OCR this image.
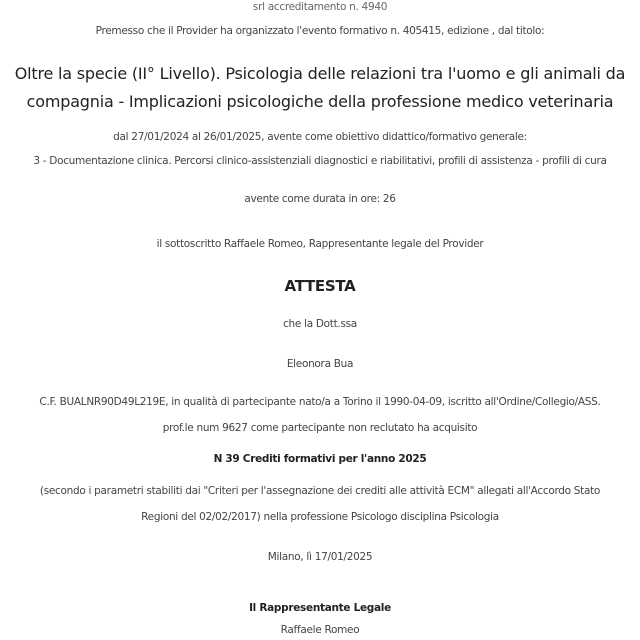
srl accreditamento n. 4940
Premesso che il Provider ha organizzato l'evento formativo n. 405415, edizione , dal titolo:
Oltre la specie (II° Livello). Psicologia delle relazioni tra l'uomo e gli animali da
compagnia - Implicazioni psicologiche della professione medico veterinaria
dal 27/01/2024 al 26/01/2025, avente come obiettivo didattico/formativo generale:
3 - Documentazione clinica. Percorsi clinico-assistenziali diagnostici e riabilitativi, profili di assistenza - profili di cura
avente come durata in ore: 26
il sottoscritto Raffaele Romeo, Rappresentante legale del Provider
ATTESTA
che la Dott.ssa
Eleonora Bua
C.F. BUALNR90D49L219E, in qualità di partecipante nato/a a Torino il 1990-04-09, iscritto all'Ordine/Collegio/ASS.
prof.le num 9627 come partecipante non reclutato ha acquisito
N 39 Crediti formativi per l'anno 2025
(secondo i parametri stabiliti dai "Criteri per l'assegnazione dei crediti alle attività ECM" allegati all'Accordo Stato
Regioni del 02/02/2017) nella professione Psicologo disciplina Psicologia
Milano, lì 17/01/2025
Il Rappresentante Legale
Raffaele Romeo
